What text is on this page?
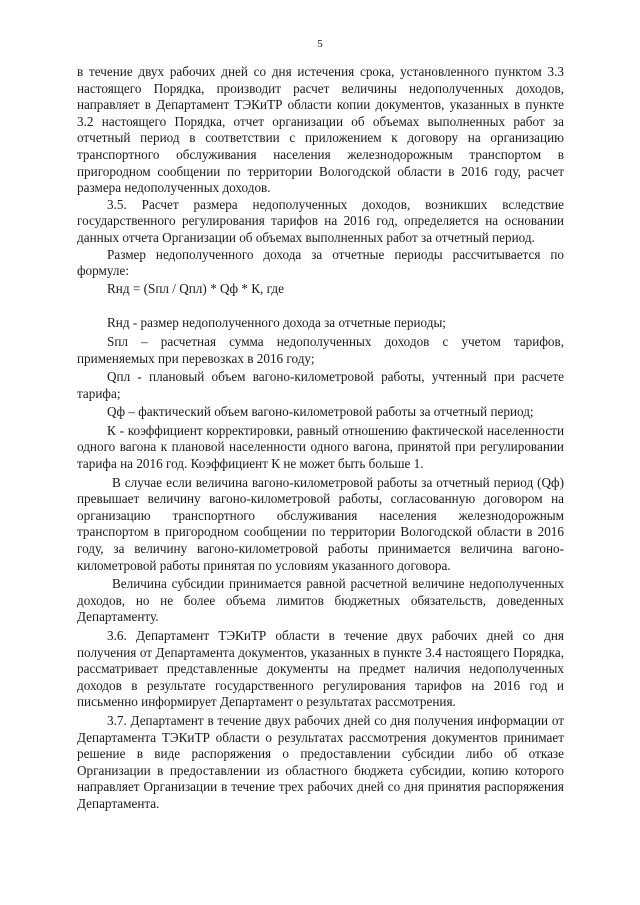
5

в течение двух рабочих дней со дня истечения срока, установленного пунктом 3.3 настоящего Порядка, производит расчет величины недополученных доходов, направляет в Департамент ТЭКиТР области копии документов, указанных в пункте 3.2 настоящего Порядка, отчет организации об объемах выполненных работ за отчетный период в соответствии с приложением к договору на организацию транспортного обслуживания населения железнодорожным транспортом в пригородном сообщении по территории Вологодской области в 2016 году, расчет размера недополученных доходов.

3.5. Расчет размера недополученных доходов, возникших вследствие государственного регулирования тарифов на 2016 год, определяется на основании данных отчета Организации об объемах выполненных работ за отчетный период.

Размер недополученного дохода за отчетные периоды рассчитывается по формуле:

Rнд = (Sпл / Qпл) * Qф * К, где

Rнд - размер недополученного дохода за отчетные периоды;

Sпл – расчетная сумма недополученных доходов с учетом тарифов, применяемых при перевозках в 2016 году;

Qпл - плановый объем вагоно-километровой работы, учтенный при расчете тарифа;

Qф – фактический объем вагоно-километровой работы за отчетный период;

К - коэффициент корректировки, равный отношению фактической населенности одного вагона к плановой населенности одного вагона, принятой при регулировании тарифа на 2016 год. Коэффициент К не может быть больше 1.

В случае если величина вагоно-километровой работы за отчетный период (Qф) превышает величину вагоно-километровой работы, согласованную договором на организацию транспортного обслуживания населения железнодорожным транспортом в пригородном сообщении по территории Вологодской области в 2016 году, за величину вагоно-километровой работы принимается величина вагоно-километровой работы принятая по условиям указанного договора.

Величина субсидии принимается равной расчетной величине недополученных доходов, но не более объема лимитов бюджетных обязательств, доведенных Департаменту.

3.6. Департамент ТЭКиТР области в течение двух рабочих дней со дня получения от Департамента документов, указанных в пункте 3.4 настоящего Порядка, рассматривает представленные документы на предмет наличия недополученных доходов в результате государственного регулирования тарифов на 2016 год и письменно информирует Департамент о результатах рассмотрения.

3.7. Департамент в течение двух рабочих дней со дня получения информации от Департамента ТЭКиТР области о результатах рассмотрения документов принимает решение в виде распоряжения о предоставлении субсидии либо об отказе Организации в предоставлении из областного бюджета субсидии, копию которого направляет Организации в течение трех рабочих дней со дня принятия распоряжения Департамента.
